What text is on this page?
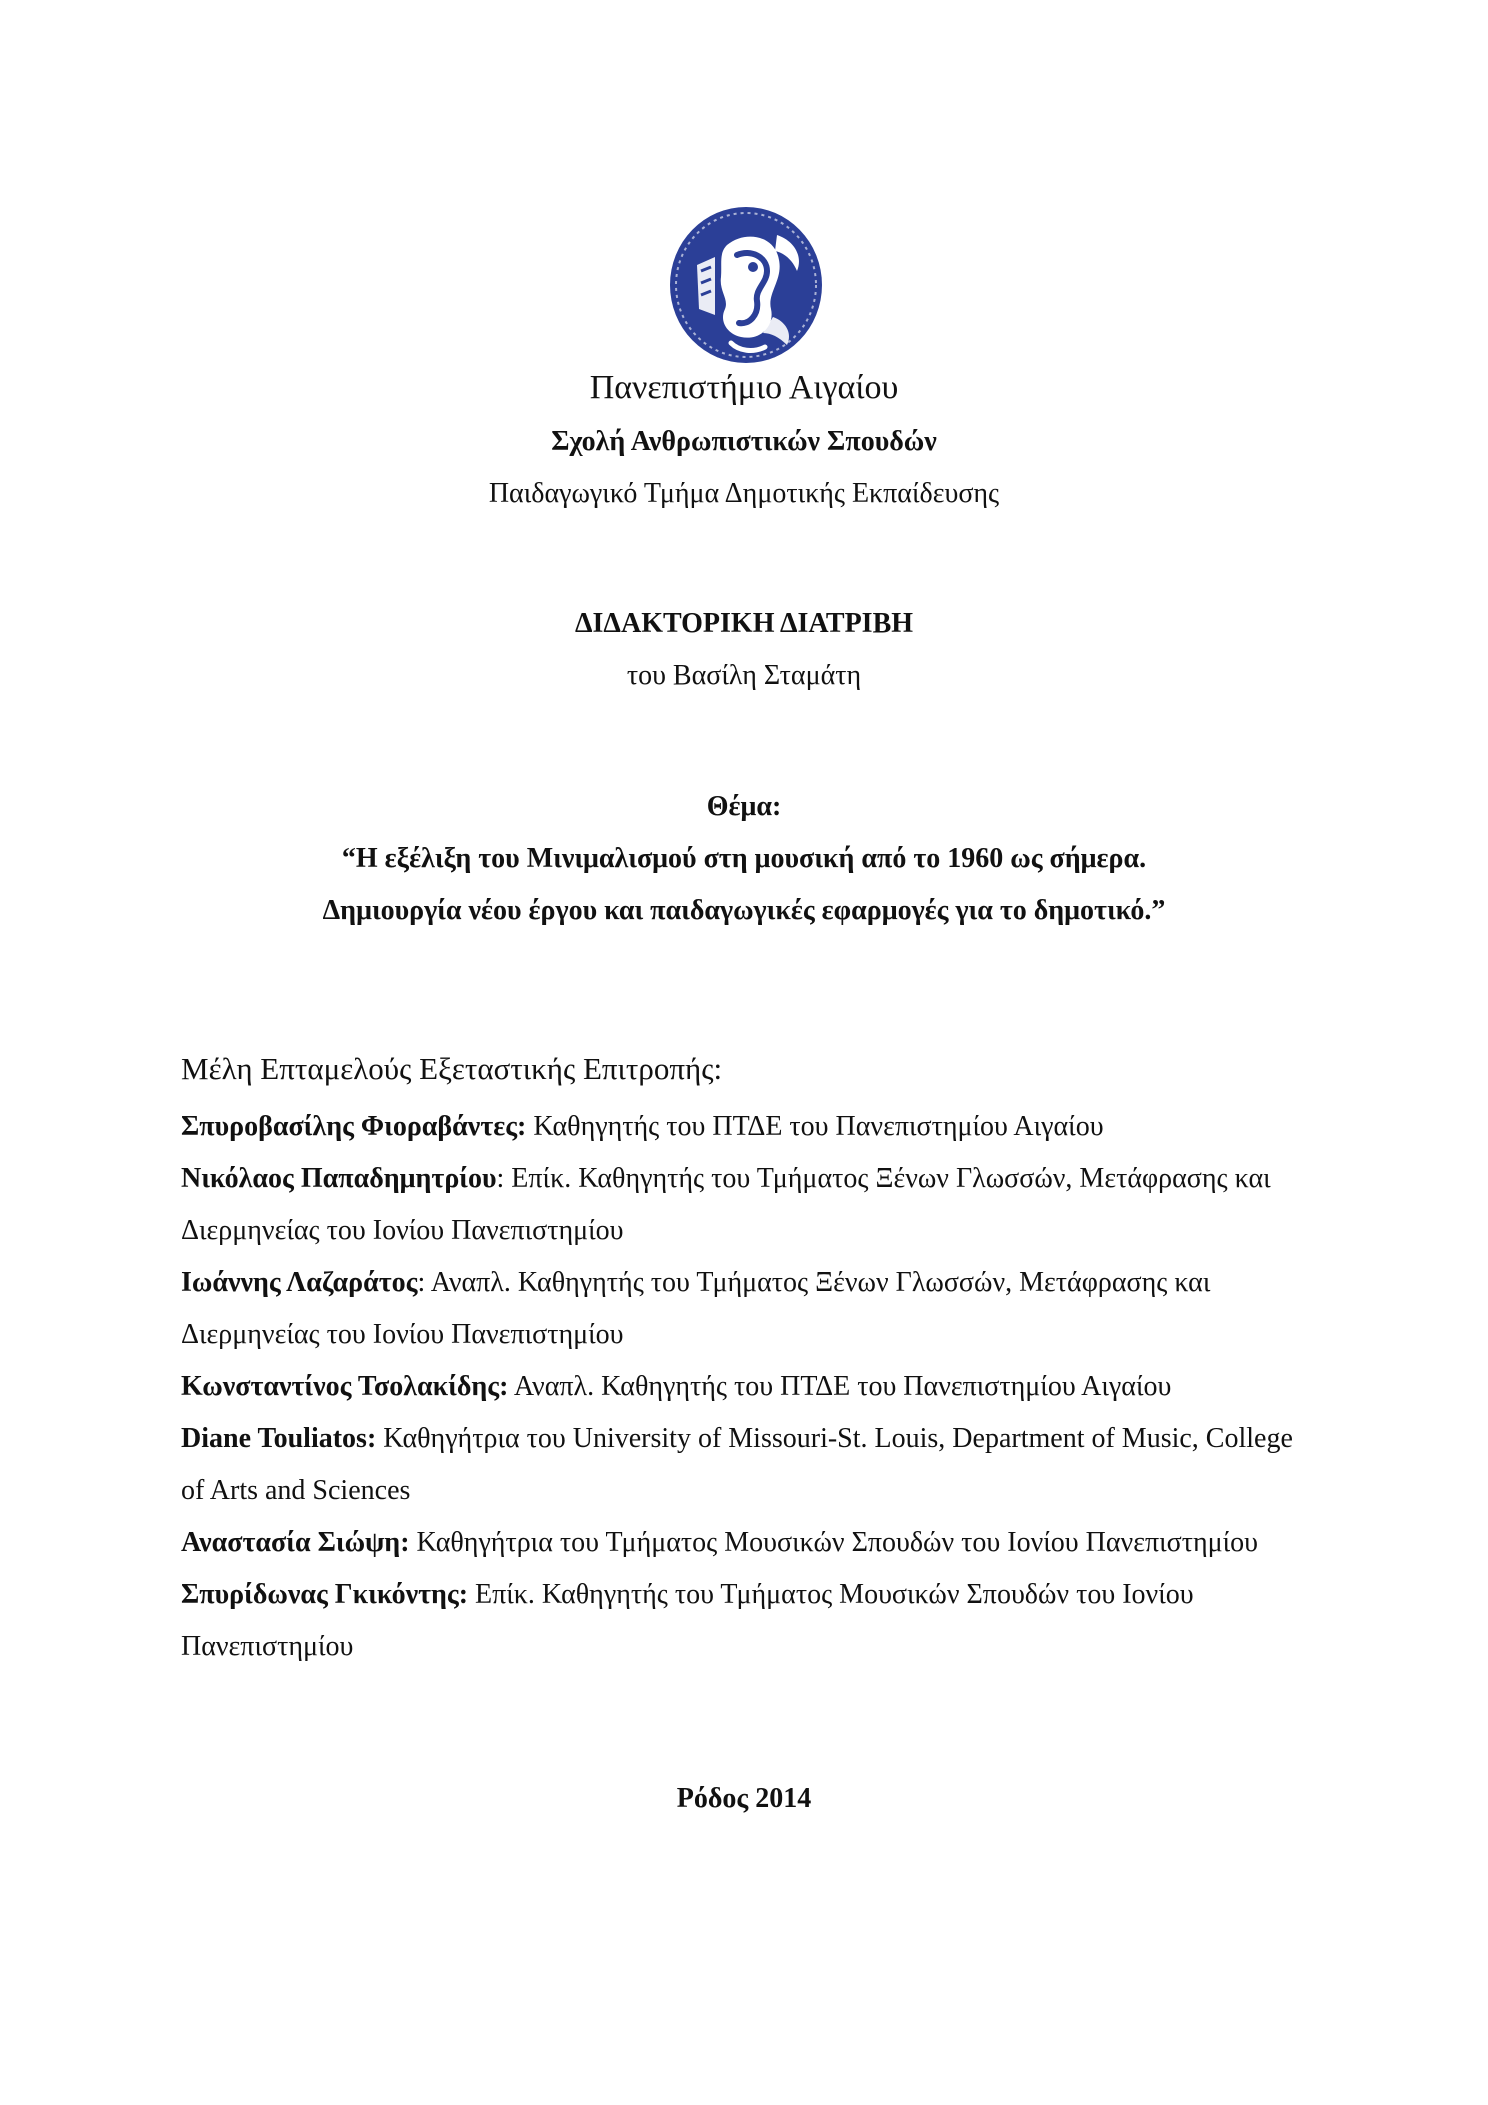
Πανεπιστήμιο Αιγαίου
Σχολή Ανθρωπιστικών Σπουδών
Παιδαγωγικό Τμήμα Δημοτικής Εκπαίδευσης
ΔΙΔΑΚΤΟΡΙΚΗ ΔΙΑΤΡΙΒΗ
του Βασίλη Σταμάτη
Θέμα:
“Η εξέλιξη του Μινιμαλισμού στη μουσική από το 1960 ως σήμερα.
Δημιουργία νέου έργου και παιδαγωγικές εφαρμογές για το δημοτικό.”
Μέλη Επταμελούς Εξεταστικής Επιτροπής:

Σπυροβασίλης Φιοραβάντες: Καθηγητής του ΠΤΔΕ του Πανεπιστημίου Αιγαίου

Νικόλαος Παπαδημητρίου: Επίκ. Καθηγητής του Τμήματος Ξένων Γλωσσών, Μετάφρασης και Διερμηνείας του Ιονίου Πανεπιστημίου

Ιωάννης Λαζαράτος: Αναπλ. Καθηγητής του Τμήματος Ξένων Γλωσσών, Μετάφρασης και Διερμηνείας του Ιονίου Πανεπιστημίου

Κωνσταντίνος Τσολακίδης: Αναπλ. Καθηγητής του ΠΤΔΕ του Πανεπιστημίου Αιγαίου

Diane Touliatos: Καθηγήτρια του University of Missouri-St. Louis, Department of Music, College of Arts and Sciences

Αναστασία Σιώψη: Καθηγήτρια του Τμήματος Μουσικών Σπουδών του Ιονίου Πανεπιστημίου

Σπυρίδωνας Γκικόντης: Επίκ. Καθηγητής του Τμήματος Μουσικών Σπουδών του Ιονίου Πανεπιστημίου

Ρόδος 2014
